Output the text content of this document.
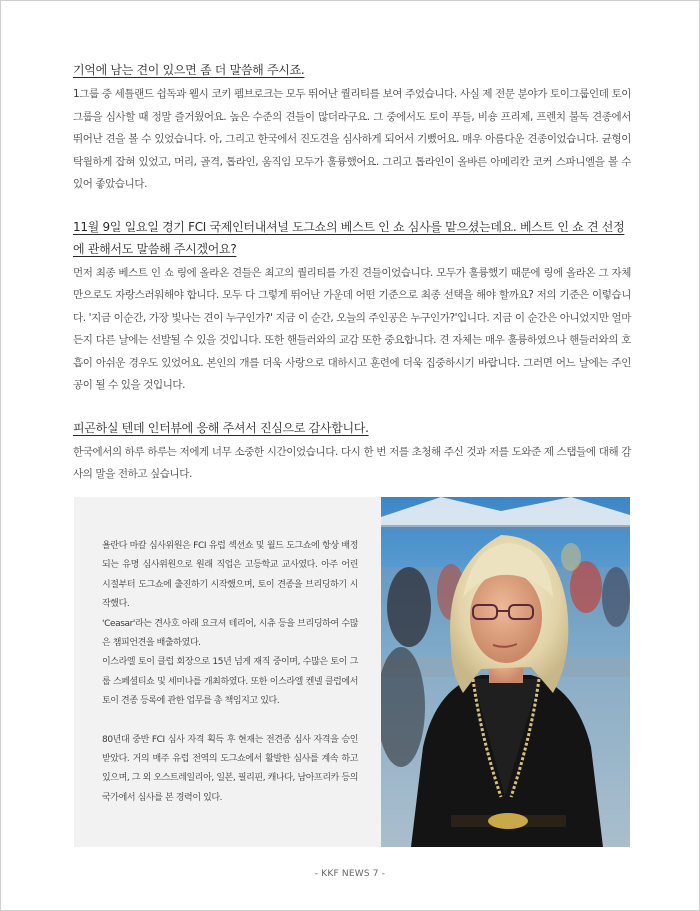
기억에 남는 견이 있으면 좀 더 말씀해 주시죠.

1그룹 중 세틀랜드 쉽독과 웰시 코키 펨브로크는 모두 뛰어난 퀄리티를 보여 주었습니다. 사실 제 전문 분야가 토이그룹인데 토이 그룹을 심사할 때 정말 즐거웠어요. 높은 수준의 견들이 많더라구요. 그 중에서도 토이 푸들, 비숑 프리제, 프렌치 불독 견종에서 뛰어난 견을 볼 수 있었습니다. 아, 그리고 한국에서 진도견을 심사하게 되어서 기뻤어요. 매우 아름다운 견종이었습니다. 균형이 탁월하게 잡혀 있었고, 머리, 골격, 톱라인, 움직임 모두가 훌륭했어요. 그리고 톱라인이 올바른 아메리칸 코커 스파니엘을 볼 수 있어 좋았습니다.

11월 9일 일요일 경기 FCI 국제인터내셔널 도그쇼의 베스트 인 쇼 심사를 맡으셨는데요. 베스트 인 쇼 견 선정에 관해서도 말씀해 주시겠어요?

먼저 최종 베스트 인 쇼 링에 올라온 견들은 최고의 퀄리티를 가진 견들이었습니다. 모두가 훌륭했기 때문에 링에 올라온 그 자체만으로도 자랑스러워해야 합니다. 모두 다 그렇게 뛰어난 가운데 어떤 기준으로 최종 선택을 해야 할까요? 저의 기준은 이렇습니다. '지금 이순간, 가장 빛나는 견이 누구인가?' 지금 이 순간, 오늘의 주인공은 누구인가?'입니다. 지금 이 순간은 아니었지만 얼마든지 다른 날에는 선발될 수 있을 것입니다. 또한 핸들러와의 교감 또한 중요합니다. 견 자체는 매우 훌륭하였으나 핸들러와의 호흡이 아쉬운 경우도 있었어요. 본인의 개를 더욱 사랑으로 대하시고 훈련에 더욱 집중하시기 바랍니다. 그러면 어느 날에는 주인공이 될 수 있을 것입니다.

피곤하실 텐데 인터뷰에 응해 주셔서 진심으로 감사합니다.

한국에서의 하루 하루는 저에게 너무 소중한 시간이었습니다. 다시 한 번 저를 초청해 주신 것과 저를 도와준 제 스탭들에 대해 감사의 말을 전하고 싶습니다.

욜란다 마칼 심사위원은 FCI 유럽 섹션쇼 및 월드 도그쇼에 항상 배정되는 유명 심사위원으로 원래 직업은 고등학교 교사였다. 아주 어린 시절부터 도그쇼에 출진하기 시작했으며, 토이 견종을 브리딩하기 시작했다.

'Ceasar'라는 견사호 아래 요크셔 테리어, 시츄 등을 브리딩하여 수많은 챔피언견을 배출하였다.

이스라엘 토이 클럽 회장으로 15년 넘게 재직 중이며, 수많은 토이 그룹 스페셜티쇼 및 세미나를 개최하였다. 또한 이스라엘 켄넬 클럽에서 토이 견종 등록에 관한 업무를 총 책임지고 있다.

80년대 중반 FCI 심사 자격 획득 후 현재는 전견종 심사 자격을 승인받았다. 거의 매주 유럽 전역의 도그쇼에서 활발한 심사를 계속 하고 있으며, 그 외 오스트레일리아, 일본, 필리핀, 캐나다, 남아프리카 등의 국가에서 심사를 본 경력이 있다.

- KKF NEWS 7 -
